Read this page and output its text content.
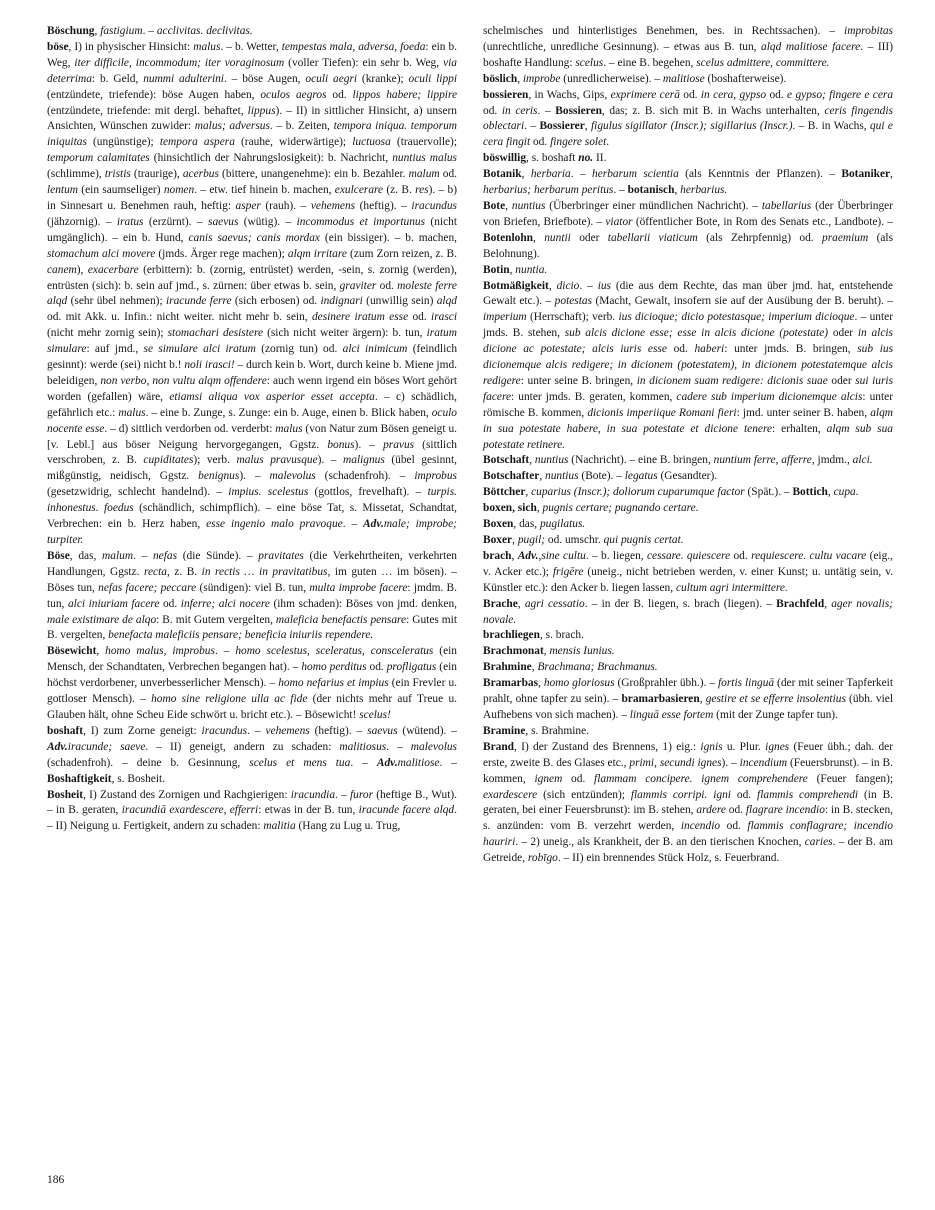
Böschung, fastigium. – acclivitas. declivitas.

böse, I) in physischer Hinsicht: malus. – b. Wetter, tempestas mala, adversa, foeda: ein b. Weg, iter difficile, incommodum; iter voraginosum (voller Tiefen): ein sehr b. Weg, via deterrima: b. Geld, nummi adulterini. – böse Augen, oculi aegri (kranke); oculi lippi (entzündete, triefende): böse Augen haben, oculos aegros od. lippos habere; lippire (entzündete, triefende: mit dergl. behaftet, lippus). – II) in sittlicher Hinsicht, a) unsern Ansichten, Wünschen zuwider: malus; adversus. – b. Zeiten, tempora iniqua. temporum iniquitas (ungünstige); tempora aspera (rauhe, widerwärtige); luctuosa (trauervolle); temporum calamitates (hinsichtlich der Nahrungslosigkeit): b. Nachricht, nuntius malus (schlimme), tristis (traurige), acerbus (bittere, unangenehme): ein b. Bezahler. malum od. lentum (ein saumseliger) nomen. – etw. tief hinein b. machen, exulcerare (z. B. res). – b) in Sinnesart u. Benehmen rauh, heftig: asper (rauh). – vehemens (heftig). – iracundus (jähzornig). – iratus (erzürnt). – saevus (wütig). – incommodus et importunus (nicht umgänglich). – ein b. Hund, canis saevus; canis mordax (ein bissiger). – b. machen, stomachum alci movere (jmds. Ärger rege machen); alqm irritare (zum Zorn reizen, z. B. canem), exacerbare (erbittern): b. (zornig, entrüstet) werden, -sein, s. zornig (werden), entrüsten (sich): b. sein auf jmd., s. zürnen: über etwas b. sein, graviter od. moleste ferre alqd (sehr übel nehmen); iracunde ferre (sich erbosen) od. indignari (unwillig sein) alqd od. mit Akk. u. Infin.: nicht weiter. nicht mehr b. sein, desinere iratum esse od. irasci (nicht mehr zornig sein); stomachari desistere (sich nicht weiter ärgern): b. tun, iratum simulare: auf jmd., se simulare alci iratum (zornig tun) od. alci inimicum (feindlich gesinnt): werde (sei) nicht b.! noli irasci! – durch kein b. Wort, durch keine b. Miene jmd. beleidigen, non verbo, non vultu alqm offendere: auch wenn irgend ein böses Wort gehört worden (gefallen) wäre, etiamsi aliqua vox asperior esset accepta. – c) schädlich, gefährlich etc.: malus. – eine b. Zunge, s. Zunge: ein b. Auge, einen b. Blick haben, oculo nocente esse. – d) sittlich verdorben od. verderbt: malus (von Natur zum Bösen geneigt u. [v. Lebl.] aus böser Neigung hervorgegangen, Ggstz. bonus). – pravus (sittlich verschroben, z. B. cupiditates); verb. malus pravusque). – malignus (übel gesinnt, mißgünstig, neidisch, Ggstz. benignus). – malevolus (schadenfroh). – improbus (gesetzwidrig, schlecht handelnd). – impius. scelestus (gottlos, frevelhaft). – turpis. inhonestus. foedus (schändlich, schimpflich). – eine böse Tat, s. Missetat, Schandtat, Verbrechen: ein b. Herz haben, esse ingenio malo pravoque. – Adv.male; improbe; turpiter.

Böse, das, malum. – nefas (die Sünde). – pravitates (die Verkehrtheiten, verkehrten Handlungen, Ggstz. recta, z. B. in rectis … in pravitatibus, im guten … im bösen). – Böses tun, nefas facere; peccare (sündigen): viel B. tun, multa improbe facere: jmdm. B. tun, alci iniuriam facere od. inferre; alci nocere (ihm schaden): Böses von jmd. denken, male existimare de alqo: B. mit Gutem vergelten, maleficia benefactis pensare: Gutes mit B. vergelten, benefacta maleficiis pensare; beneficia iniuriis rependere.

Bösewicht, homo malus, improbus. – homo scelestus, sceleratus, consceleratus (ein Mensch, der Schandtaten, Verbrechen begangen hat). – homo perditus od. profligatus (ein höchst verdorbener, unverbesserlicher Mensch). – homo nefarius et impius (ein Frevler u. gottloser Mensch). – homo sine religione ulla ac fide (der nichts mehr auf Treue u. Glauben hält, ohne Scheu Eide schwört u. bricht etc.). – Bösewicht! scelus!

boshaft, I) zum Zorne geneigt: iracundus. – vehemens (heftig). – saevus (wütend). – Adv.iracunde; saeve. – II) geneigt, andern zu schaden: malitiosus. – malevolus (schadenfroh). – deine b. Gesinnung, scelus et mens tua. – Adv.malitiose. – Boshaftigkeit, s. Bosheit.

Bosheit, I) Zustand des Zornigen und Rachgierigen: iracundia. – furor (heftige B., Wut). – in B. geraten, iracundiā exardescere, efferri: etwas in der B. tun, iracunde facere alqd. – II) Neigung u. Fertigkeit, andern zu schaden: malitia (Hang zu Lug u. Trug,

schelmisches und hinterlistiges Benehmen, bes. in Rechtssachen). – improbitas (unrechtliche, unredliche Gesinnung). – etwas aus B. tun, alqd malitiose facere. – III) boshafte Handlung: scelus. – eine B. begehen, scelus admittere, committere.

böslich, improbe (unredlicherweise). – malitiose (boshafterweise).

bossieren, in Wachs, Gips, exprimere cerā od. in cera, gypso od. e gypso; fingere e cera od. in ceris. – Bossieren, das; z. B. sich mit B. in Wachs unterhalten, ceris fingendis oblectari. – Bossierer, figulus sigillator (Inscr.); sigillarius (Inscr.). – B. in Wachs, qui e cera fingit od. fingere solet.

böswillig, s. boshaft no. II.

Botanik, herbaria. – herbarum scientia (als Kenntnis der Pflanzen). – Botaniker, herbarius; herbarum peritus. – botanisch, herbarius.

Bote, nuntius (Überbringer einer mündlichen Nachricht). – tabellarius (der Überbringer von Briefen, Briefbote). – viator (öffentlicher Bote, in Rom des Senats etc., Landbote). – Botenlohn, nuntii oder tabellarii viaticum (als Zehrpfennig) od. praemium (als Belohnung).

Botin, nuntia.

Botmäßigkeit, dicio. – ius (die aus dem Rechte, das man über jmd. hat, entstehende Gewalt etc.). – potestas (Macht, Gewalt, insofern sie auf der Ausübung der B. beruht). – imperium (Herrschaft); verb. ius dicioque; dicio potestasque; imperium dicioque. – unter jmds. B. stehen, sub alcis dicione esse; esse in alcis dicione (potestate) oder in alcis dicione ac potestate; alcis iuris esse od. haberi: unter jmds. B. bringen, sub ius dicionemque alcis redigere; in dicionem (potestatem), in dicionem potestatemque alcis redigere: unter seine B. bringen, in dicionem suam redigere: dicionis suae oder sui iuris facere: unter jmds. B. geraten, kommen, cadere sub imperium dicionemque alcis: unter römische B. kommen, dicionis imperiique Romani fieri: jmd. unter seiner B. haben, alqm in sua potestate habere, in sua potestate et dicione tenere: erhalten, alqm sub sua potestate retinere.

Botschaft, nuntius (Nachricht). – eine B. bringen, nuntium ferre, afferre, jmdm., alci.

Botschafter, nuntius (Bote). – legatus (Gesandter).

Böttcher, cuparius (Inscr.); doliorum cuparumque factor (Spät.). – Bottich, cupa.

boxen, sich, pugnis certare; pugnando certare.

Boxen, das, pugilatus.

Boxer, pugil; od. umschr. qui pugnis certat.

brach, Adv.,sine cultu. – b. liegen, cessare. quiescere od. requiescere. cultu vacare (eig., v. Acker etc.); frigēre (uneig., nicht betrieben werden, v. einer Kunst; u. untätig sein, v. Künstler etc.): den Acker b. liegen lassen, cultum agri intermittere.

Brache, agri cessatio. – in der B. liegen, s. brach (liegen). – Brachfeld, ager novalis; novale.

brachliegen, s. brach.

Brachmonat, mensis Iunius.

Brahmine, Brachmana; Brachmanus.

Bramarbas, homo gloriosus (Großprahler übh.). – fortis linguā (der mit seiner Tapferkeit prahlt, ohne tapfer zu sein). – bramarbasieren, gestire et se efferre insolentius (übh. viel Aufhebens von sich machen). – linguā esse fortem (mit der Zunge tapfer tun).

Bramine, s. Brahmine.

Brand, I) der Zustand des Brennens, 1) eig.: ignis u. Plur. ignes (Feuer übh.; dah. der erste, zweite B. des Glases etc., primi, secundi ignes). – incendium (Feuersbrunst). – in B. kommen, ignem od. flammam concipere. ignem comprehendere (Feuer fangen); exardescere (sich entzünden); flammis corripi. igni od. flammis comprehendi (in B. geraten, bei einer Feuersbrunst): im B. stehen, ardere od. flagrare incendio: in B. stecken, s. anzünden: vom B. verzehrt werden, incendio od. flammis conflagrare; incendio hauriri. – 2) uneig., als Krankheit, der B. an den tierischen Knochen, caries. – der B. am Getreide, robīgo. – II) ein brennendes Stück Holz, s. Feuerbrand.

186
